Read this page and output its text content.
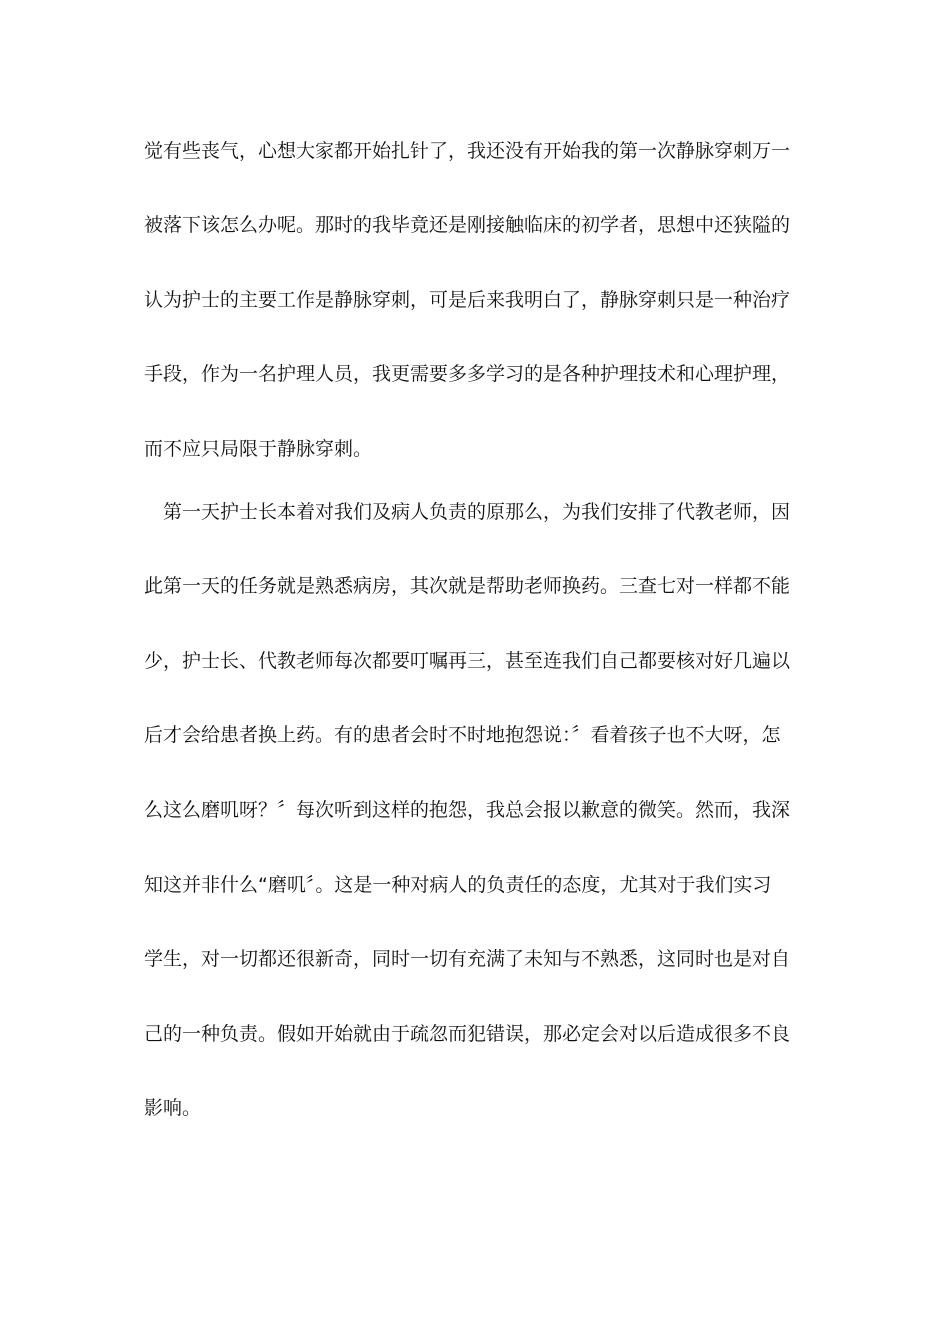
觉有些丧气，心想大家都开始扎针了，我还没有开始我的第一次静脉穿刺万一
被落下该怎么办呢。那时的我毕竟还是刚接触临床的初学者，思想中还狭隘的
认为护士的主要工作是静脉穿刺，可是后来我明白了，静脉穿刺只是一种治疗
手段，作为一名护理人员，我更需要多多学习的是各种护理技术和心理护理，
而不应只局限于静脉穿刺。
　第一天护士长本着对我们及病人负责的原那么，为我们安排了代教老师，因
此第一天的任务就是熟悉病房，其次就是帮助老师换药。三查七对一样都不能
少，护士长、代教老师每次都要叮嘱再三，甚至连我们自己都要核对好几遍以
后才会给患者换上药。有的患者会时不时地抱怨说：〞看着孩子也不大呀，怎
么这么磨叽呀？〞每次听到这样的抱怨，我总会报以歉意的微笑。然而，我深
知这并非什么“磨叽〞。这是一种对病人的负责任的态度，尤其对于我们实习
学生，对一切都还很新奇，同时一切有充满了未知与不熟悉，这同时也是对自
己的一种负责。假如开始就由于疏忽而犯错误，那必定会对以后造成很多不良
影响。
